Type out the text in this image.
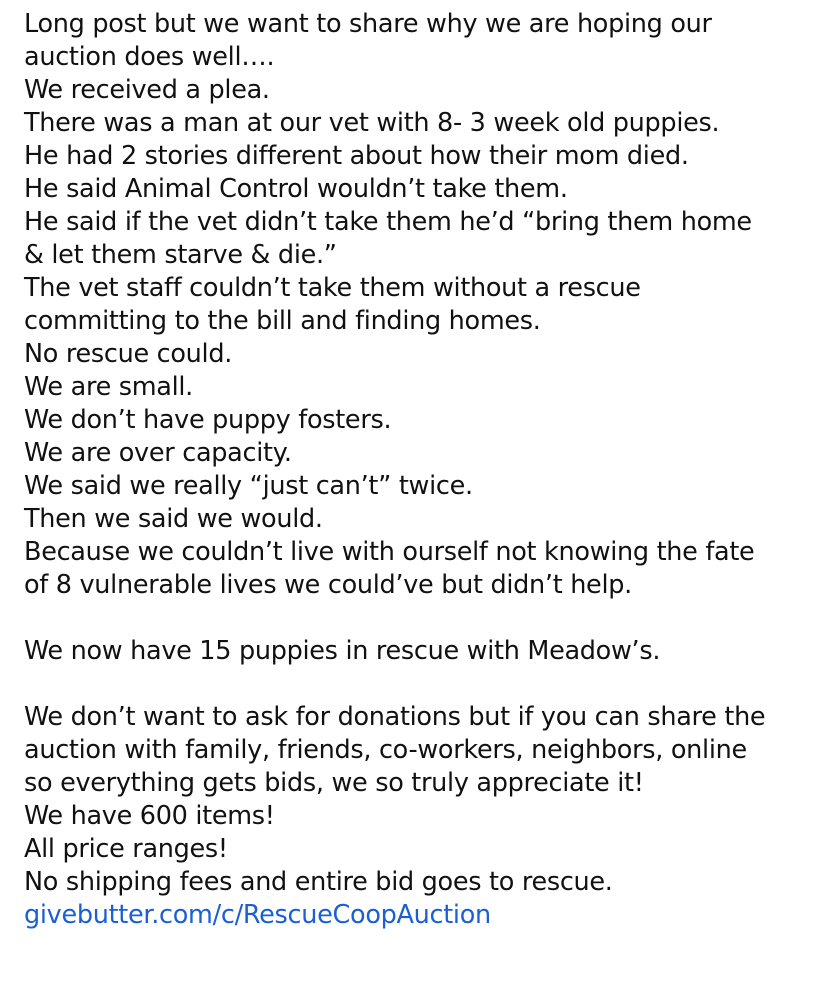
Long post but we want to share why we are hoping our
auction does well….
We received a plea.
There was a man at our vet with 8- 3 week old puppies.
He had 2 stories different about how their mom died.
He said Animal Control wouldn’t take them.
He said if the vet didn’t take them he’d “bring them home
& let them starve & die.”
The vet staff couldn’t take them without a rescue
committing to the bill and finding homes.
No rescue could.
We are small.
We don’t have puppy fosters.
We are over capacity.
We said we really “just can’t” twice.
Then we said we would.
Because we couldn’t live with ourself not knowing the fate
of 8 vulnerable lives we could’ve but didn’t help.
We now have 15 puppies in rescue with Meadow’s.
We don’t want to ask for donations but if you can share the
auction with family, friends, co-workers, neighbors, online
so everything gets bids, we so truly appreciate it!
We have 600 items!
All price ranges!
No shipping fees and entire bid goes to rescue.
givebutter.com/c/RescueCoopAuction
